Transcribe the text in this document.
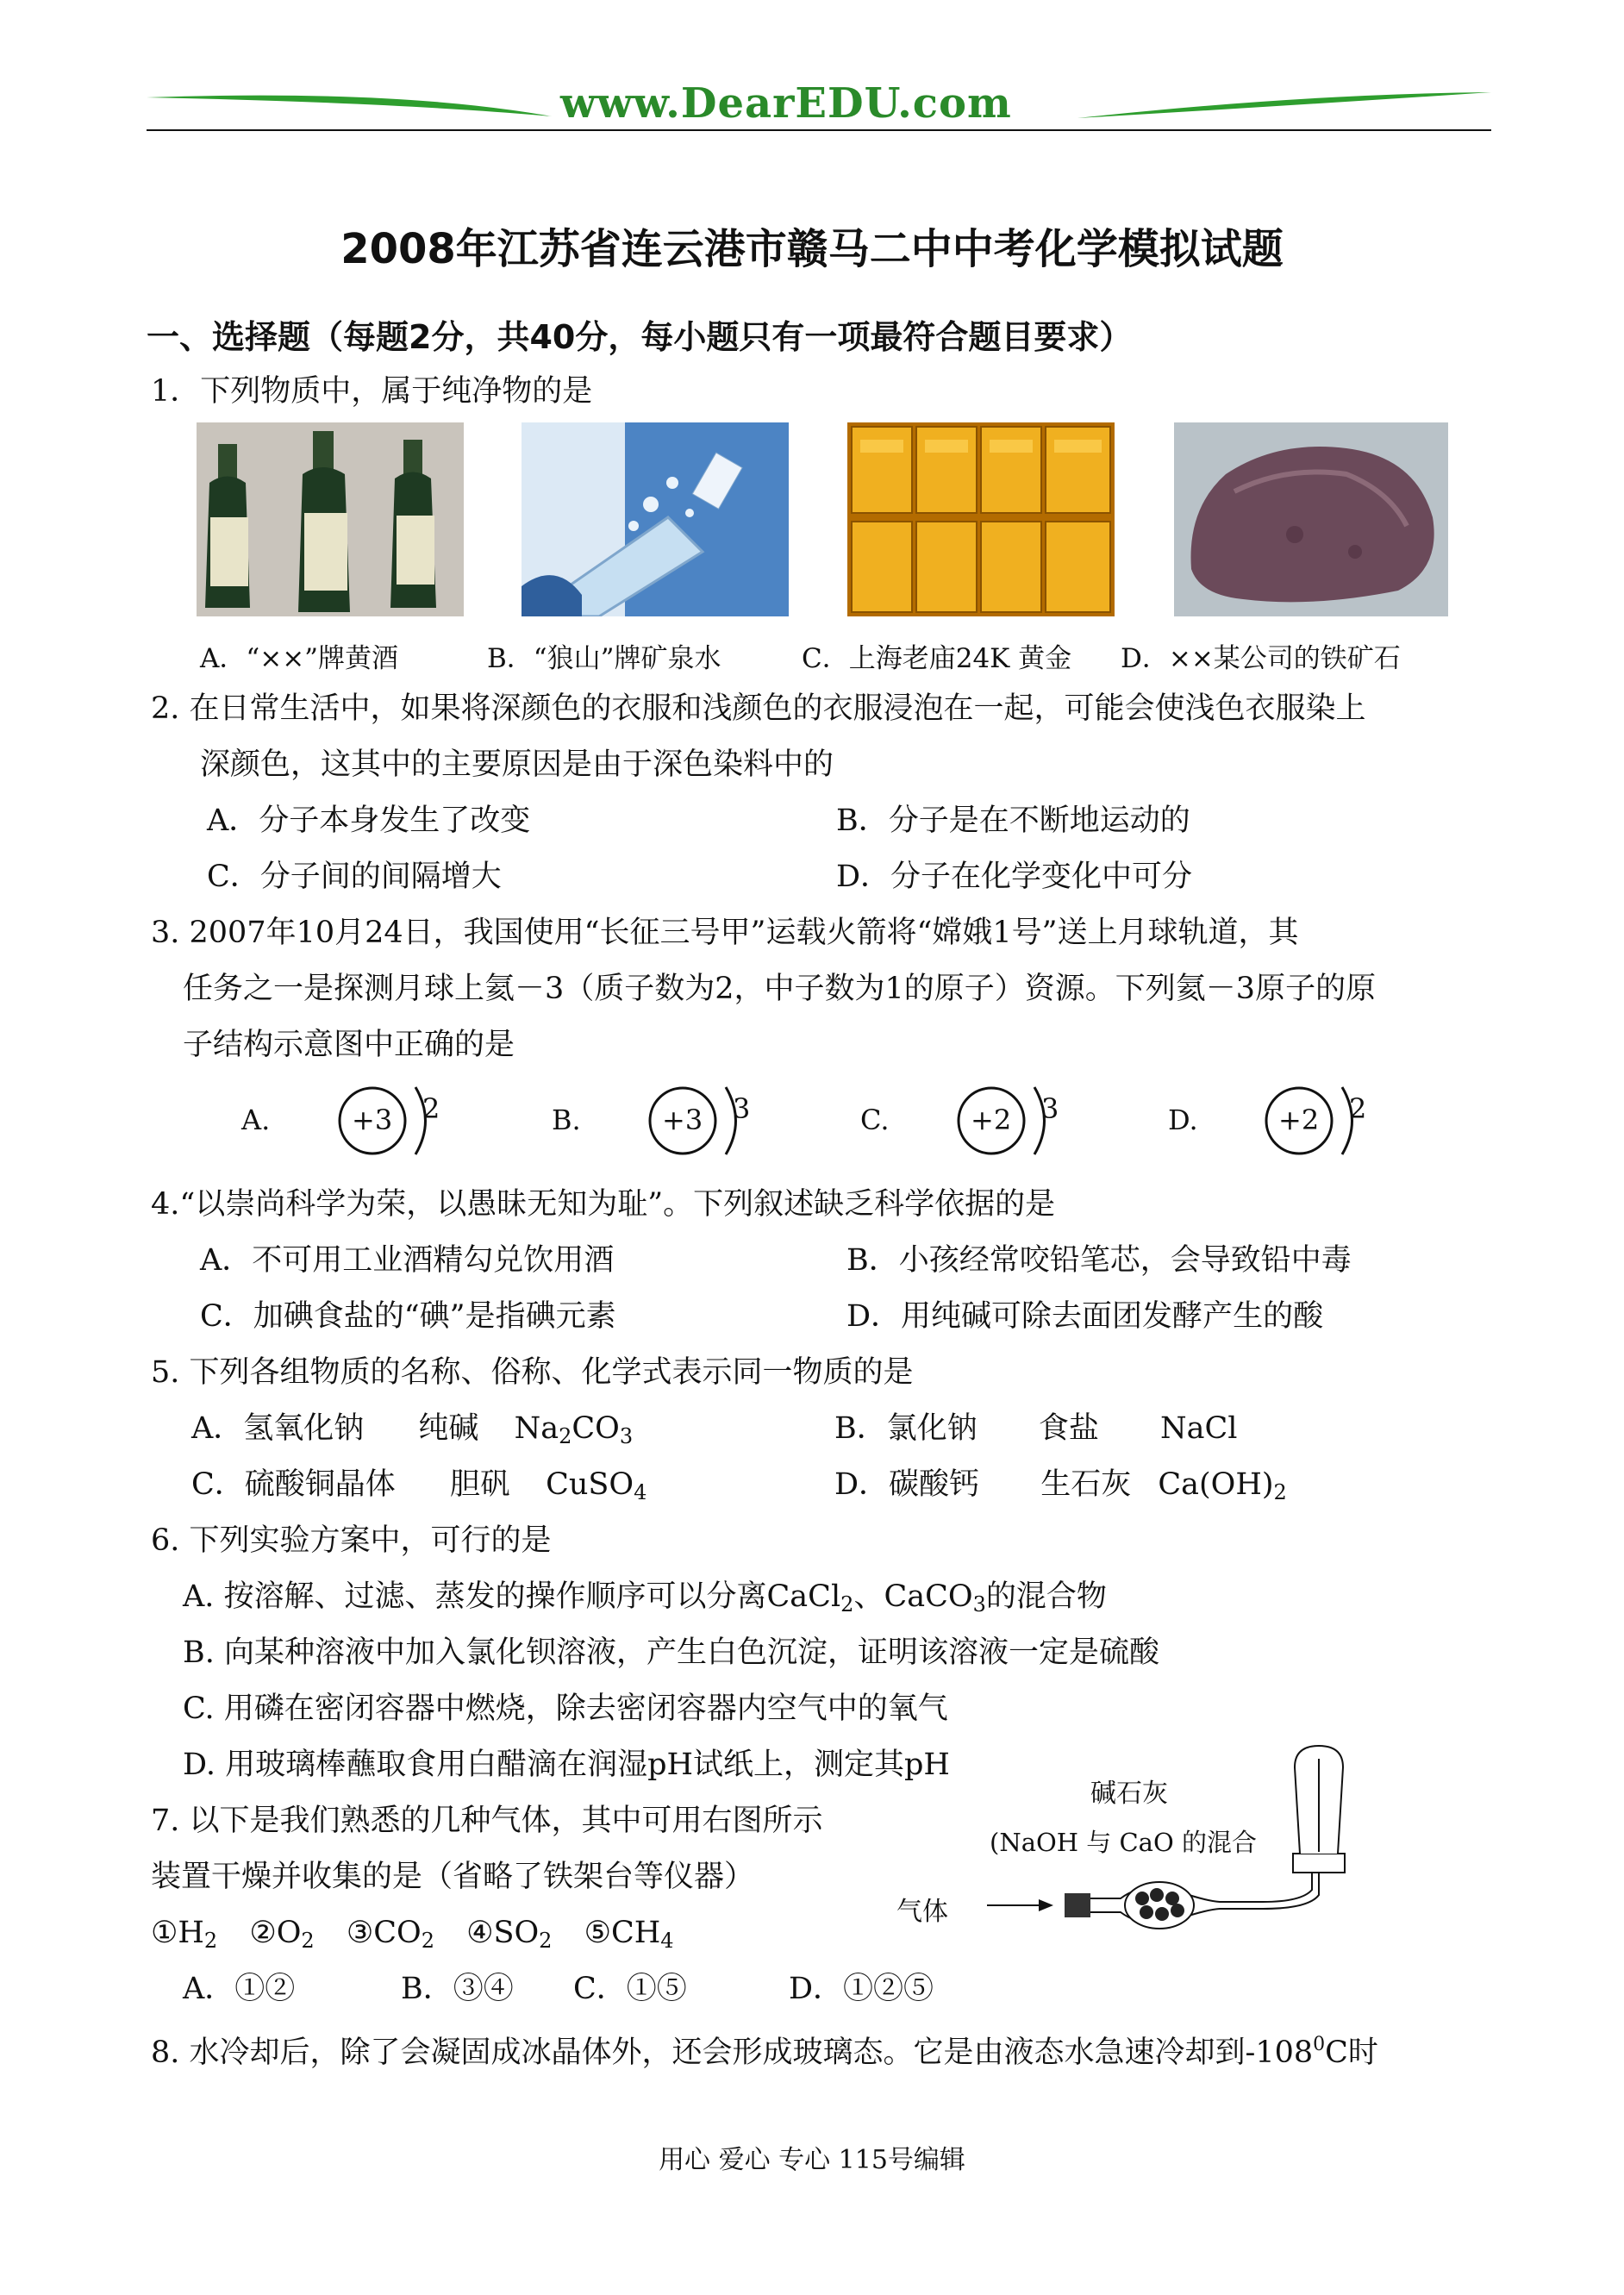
www.DearEDU.com
2008年江苏省连云港市赣马二中中考化学模拟试题
一、选择题（每题2分，共40分，每小题只有一项最符合题目要求）
1．下列物质中，属于纯净物的是
A．“××”牌黄酒	B．“狼山”牌矿泉水	C．上海老庙24K 黄金 D．××某公司的铁矿石
2. 在日常生活中，如果将深颜色的衣服和浅颜色的衣服浸泡在一起，可能会使浅色衣服染上
深颜色，这其中的主要原因是由于深色染料中的
A．分子本身发生了改变	B．分子是在不断地运动的
C．分子间的间隔增大	D．分子在化学变化中可分
3. 2007年10月24日，我国使用“长征三号甲”运载火箭将“嫦娥1号”送上月球轨道，其
任务之一是探测月球上氦－3（质子数为2，中子数为1的原子）资源。下列氦－3原子的原
子结构示意图中正确的是
A.	+3 2	B.	+3 3	C.	+2 3	D.	+2 2
4.“以崇尚科学为荣，以愚昧无知为耻”。下列叙述缺乏科学依据的是
A．不可用工业酒精勾兑饮用酒	B．小孩经常咬铅笔芯，会导致铅中毒
C．加碘食盐的“碘”是指碘元素	D．用纯碱可除去面团发酵产生的酸
5. 下列各组物质的名称、俗称、化学式表示同一物质的是
A．氢氧化钠 纯碱 $Na_2CO_3$	B．氯化钠 食盐 NaCl
C．硫酸铜晶体 胆矾 CuSO$_4$	D．碳酸钙 生石灰 $Ca(OH)_2$
6. 下列实验方案中，可行的是
A. 按溶解、过滤、蒸发的操作顺序可以分离CaCl$_2$、CaCO$_3$的混合物
B. 向某种溶液中加入氯化钡溶液，产生白色沉淀，证明该溶液一定是硫酸
C. 用磷在密闭容器中燃烧，除去密闭容器内空气中的氧气
D. 用玻璃棒蘸取食用白醋滴在润湿pH试纸上，测定其pH
7. 以下是我们熟悉的几种气体，其中可用右图所示
装置干燥并收集的是（省略了铁架台等仪器）
$①H_2$ $②O_2$ $③CO_2$ $④SO_2$ $⑤CH_4$
A．①②	B．③④ C．①⑤	D．①②⑤
碱石灰
(NaOH 与 CaO 的混合
气体
8. 水冷却后，除了会凝固成冰晶体外，还会形成玻璃态。它是由液态水急速冷却到$-108^0C$时
用心 爱心 专心 115号编辑
